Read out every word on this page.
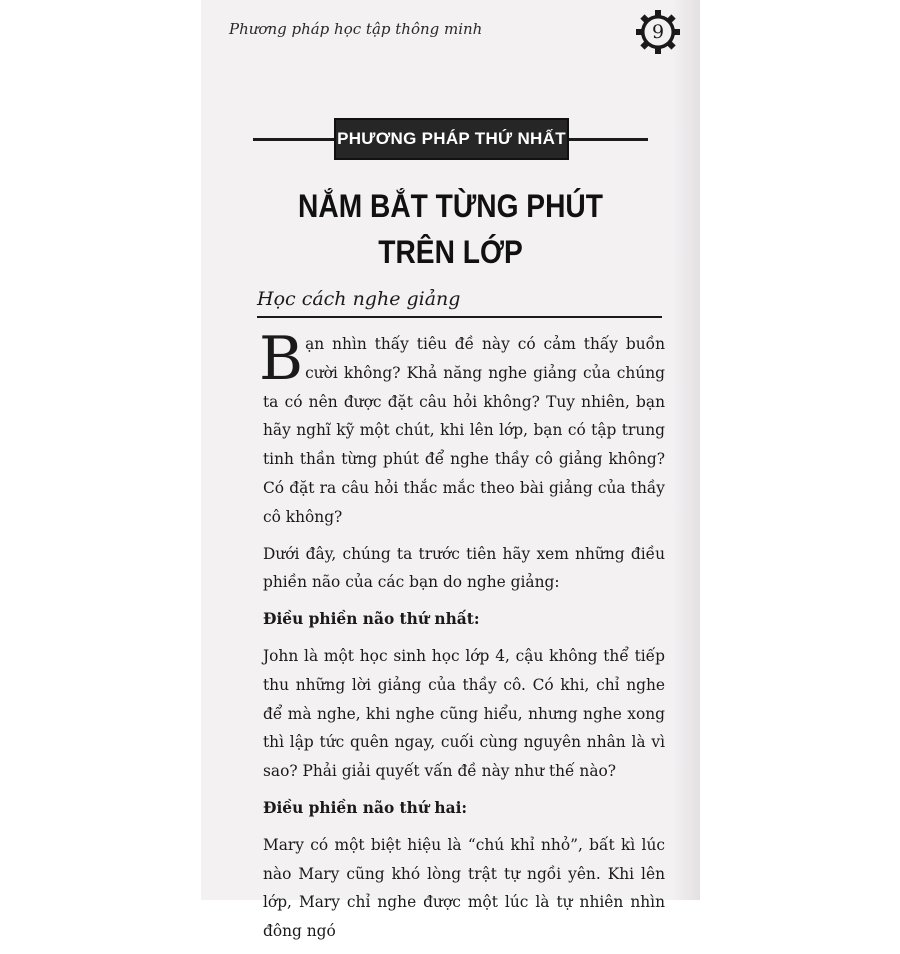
Phương pháp học tập thông minh	9
PHƯƠNG PHÁP THỨ NHẤT
NẮM BẮT TỪNG PHÚT
TRÊN LỚP
Học cách nghe giảng

Bạn nhìn thấy tiêu đề này có cảm thấy buồn cười không? Khả năng nghe giảng của chúng ta có nên được đặt câu hỏi không? Tuy nhiên, bạn hãy nghĩ kỹ một chút, khi lên lớp, bạn có tập trung tinh thần từng phút để nghe thầy cô giảng không? Có đặt ra câu hỏi thắc mắc theo bài giảng của thầy cô không?

Dưới đây, chúng ta trước tiên hãy xem những điều phiền não của các bạn do nghe giảng:

Điều phiền não thứ nhất:

John là một học sinh học lớp 4, cậu không thể tiếp thu những lời giảng của thầy cô. Có khi, chỉ nghe để mà nghe, khi nghe cũng hiểu, nhưng nghe xong thì lập tức quên ngay, cuối cùng nguyên nhân là vì sao? Phải giải quyết vấn đề này như thế nào?

Điều phiền não thứ hai:

Mary có một biệt hiệu là “chú khỉ nhỏ”, bất kì lúc nào Mary cũng khó lòng trật tự ngồi yên. Khi lên lớp, Mary chỉ nghe được một lúc là tự nhiên nhìn đông ngó
